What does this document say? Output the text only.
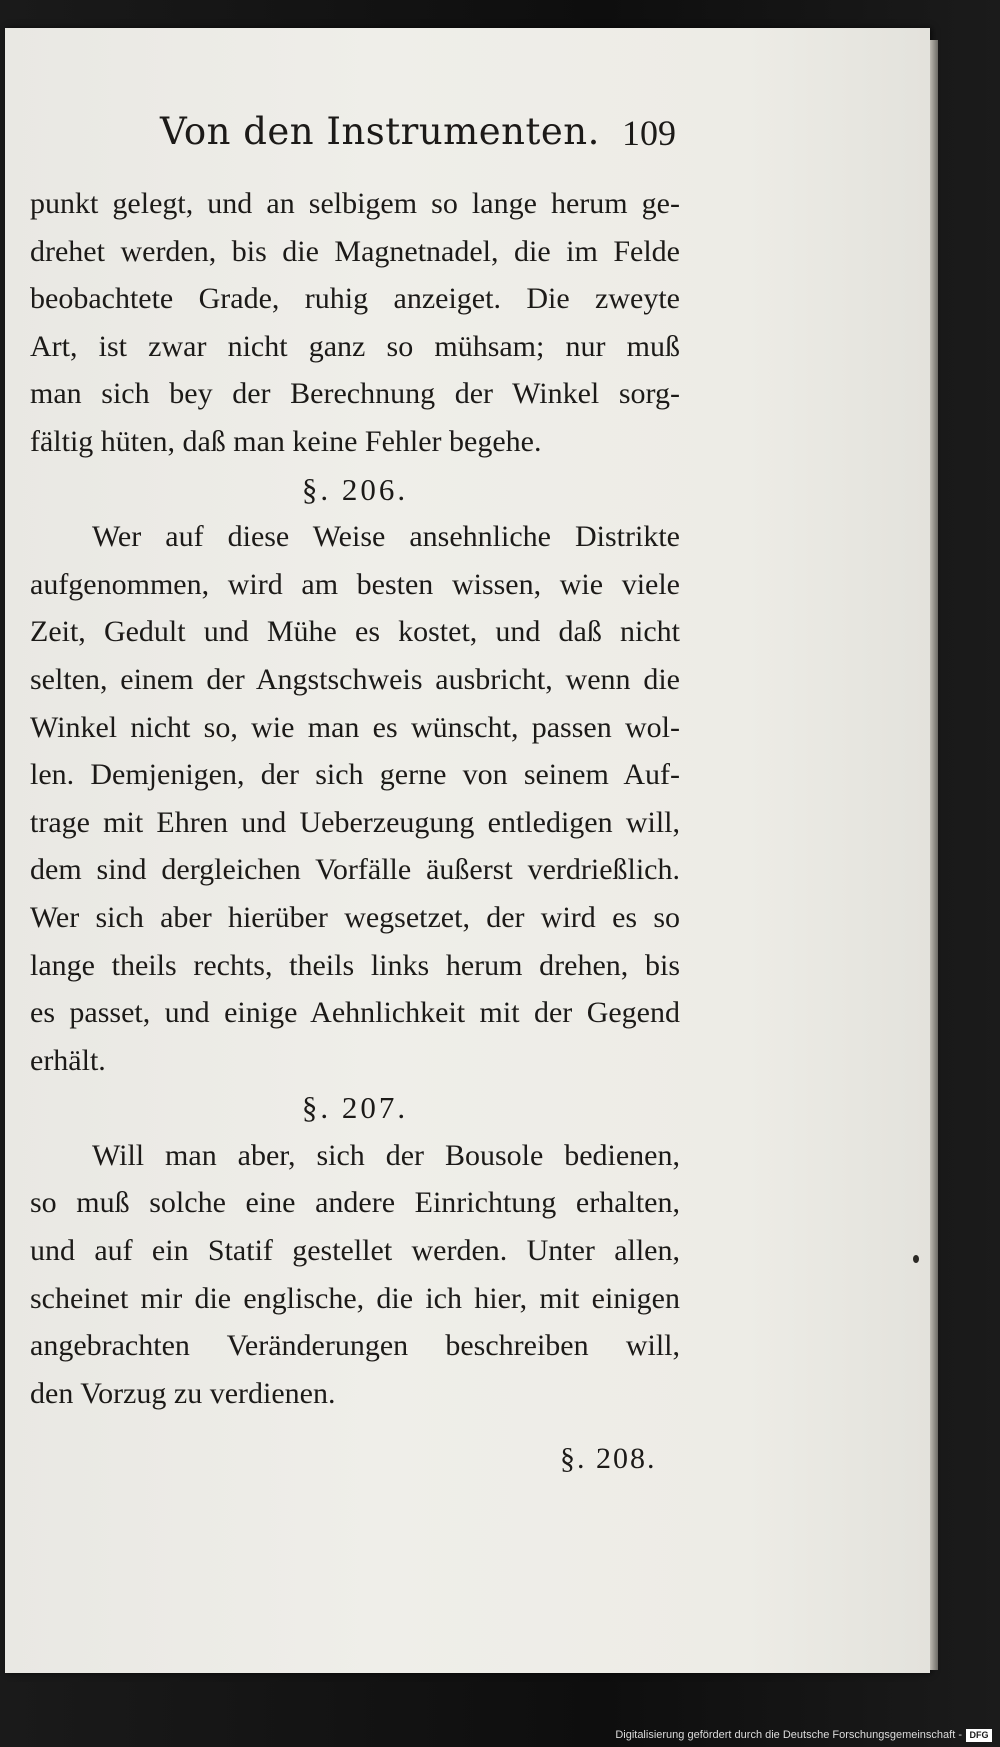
Von den Instrumenten. 109
punkt gelegt, und an selbigem so lange herum ge-
drehet werden, bis die Magnetnadel, die im Felde
beobachtete Grade, ruhig anzeiget. Die zweyte
Art, ist zwar nicht ganz so mühsam; nur muß
man sich bey der Berechnung der Winkel sorg-
fältig hüten, daß man keine Fehler begehe.
§. 206.
Wer auf diese Weise ansehnliche Distrikte
aufgenommen, wird am besten wissen, wie viele
Zeit, Gedult und Mühe es kostet, und daß nicht
selten, einem der Angstschweis ausbricht, wenn die
Winkel nicht so, wie man es wünscht, passen wol-
len. Demjenigen, der sich gerne von seinem Auf-
trage mit Ehren und Ueberzeugung entledigen will,
dem sind dergleichen Vorfälle äußerst verdrießlich.
Wer sich aber hierüber wegsetzet, der wird es so
lange theils rechts, theils links herum drehen, bis
es passet, und einige Aehnlichkeit mit der Gegend
erhält.
§. 207.
Will man aber, sich der Bousole bedienen,
so muß solche eine andere Einrichtung erhalten,
und auf ein Statif gestellet werden. Unter allen,
scheinet mir die englische, die ich hier, mit einigen
angebrachten Veränderungen beschreiben will,
den Vorzug zu verdienen.
§. 208.
Digitalisierung gefördert durch die Deutsche Forschungsgemeinschaft - DFG
